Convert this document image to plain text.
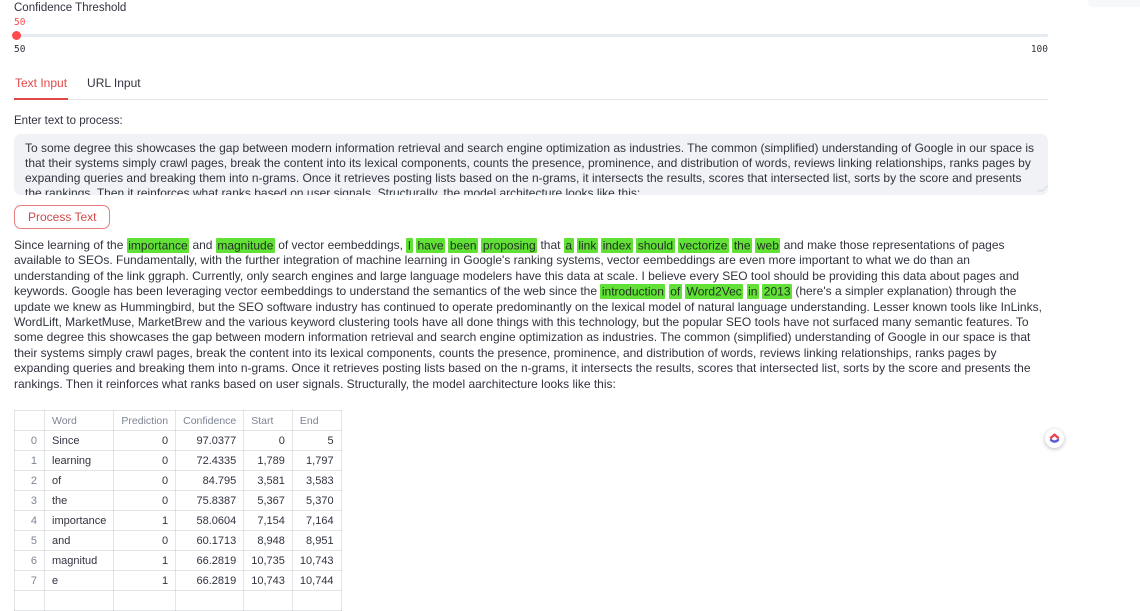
Confidence Threshold
50
50	100
Text Input URL Input
Enter text to process:
To some degree this showcases the gap between modern information retrieval and search engine optimization as industries. The common (simplified) understanding of Google in our space is that their systems simply crawl pages, break the content into its lexical components, counts the presence, prominence, and distribution of words, reviews linking relationships, ranks pages by expanding queries and breaking them into n-grams. Once it retrieves posting lists based on the n-grams, it intersects the results, scores that intersected list, sorts by the score and presents the rankings. Then it reinforces what ranks based on user signals. Structurally, the model architecture looks like this:
Process Text
Since learning of the importance and magnitude of vector eembeddings, I have been proposing that a link index should vectorize the web and make those representations of pages available to SEOs. Fundamentally, with the further integration of machine learning in Google's ranking systems, vector eembeddings are even more important to what we do than an understanding of the link ggraph. Currently, only search engines and large language modelers have this data at scale. I believe every SEO tool should be providing this data about pages and keywords. Google has been leveraging vector eembeddings to understand the semantics of the web since the introduction of Word2Vec in 2013 (here's a simpler explanation) through the update we knew as Hummingbird, but the SEO software industry has continued to operate predominantly on the lexical model of natural language understanding. Lesser known tools like InLinks, WordLift, MarketMuse, MarketBrew and the various keyword clustering tools have all done things with this technology, but the popular SEO tools have not surfaced many semantic features. To some degree this showcases the gap between modern information retrieval and search engine optimization as industries. The common (simplified) understanding of Google in our space is that their systems simply crawl pages, break the content into its lexical components, counts the presence, prominence, and distribution of words, reviews linking relationships, ranks pages by expanding queries and breaking them into n-grams. Once it retrieves posting lists based on the n-grams, it intersects the results, scores that intersected list, sorts by the score and presents the rankings. Then it reinforces what ranks based on user signals. Structurally, the model aarchitecture looks like this:
	Word	Prediction	Confidence	Start	End
0	Since	0	97.0377	0	5
1	learning	0	72.4335	1,789	1,797
2	of	0	84.795	3,581	3,583
3	the	0	75.8387	5,367	5,370
4	importance	1	58.0604	7,154	7,164
5	and	0	60.1713	8,948	8,951
6	magnitud	1	66.2819	10,735	10,743
7	e	1	66.2819	10,743	10,744
